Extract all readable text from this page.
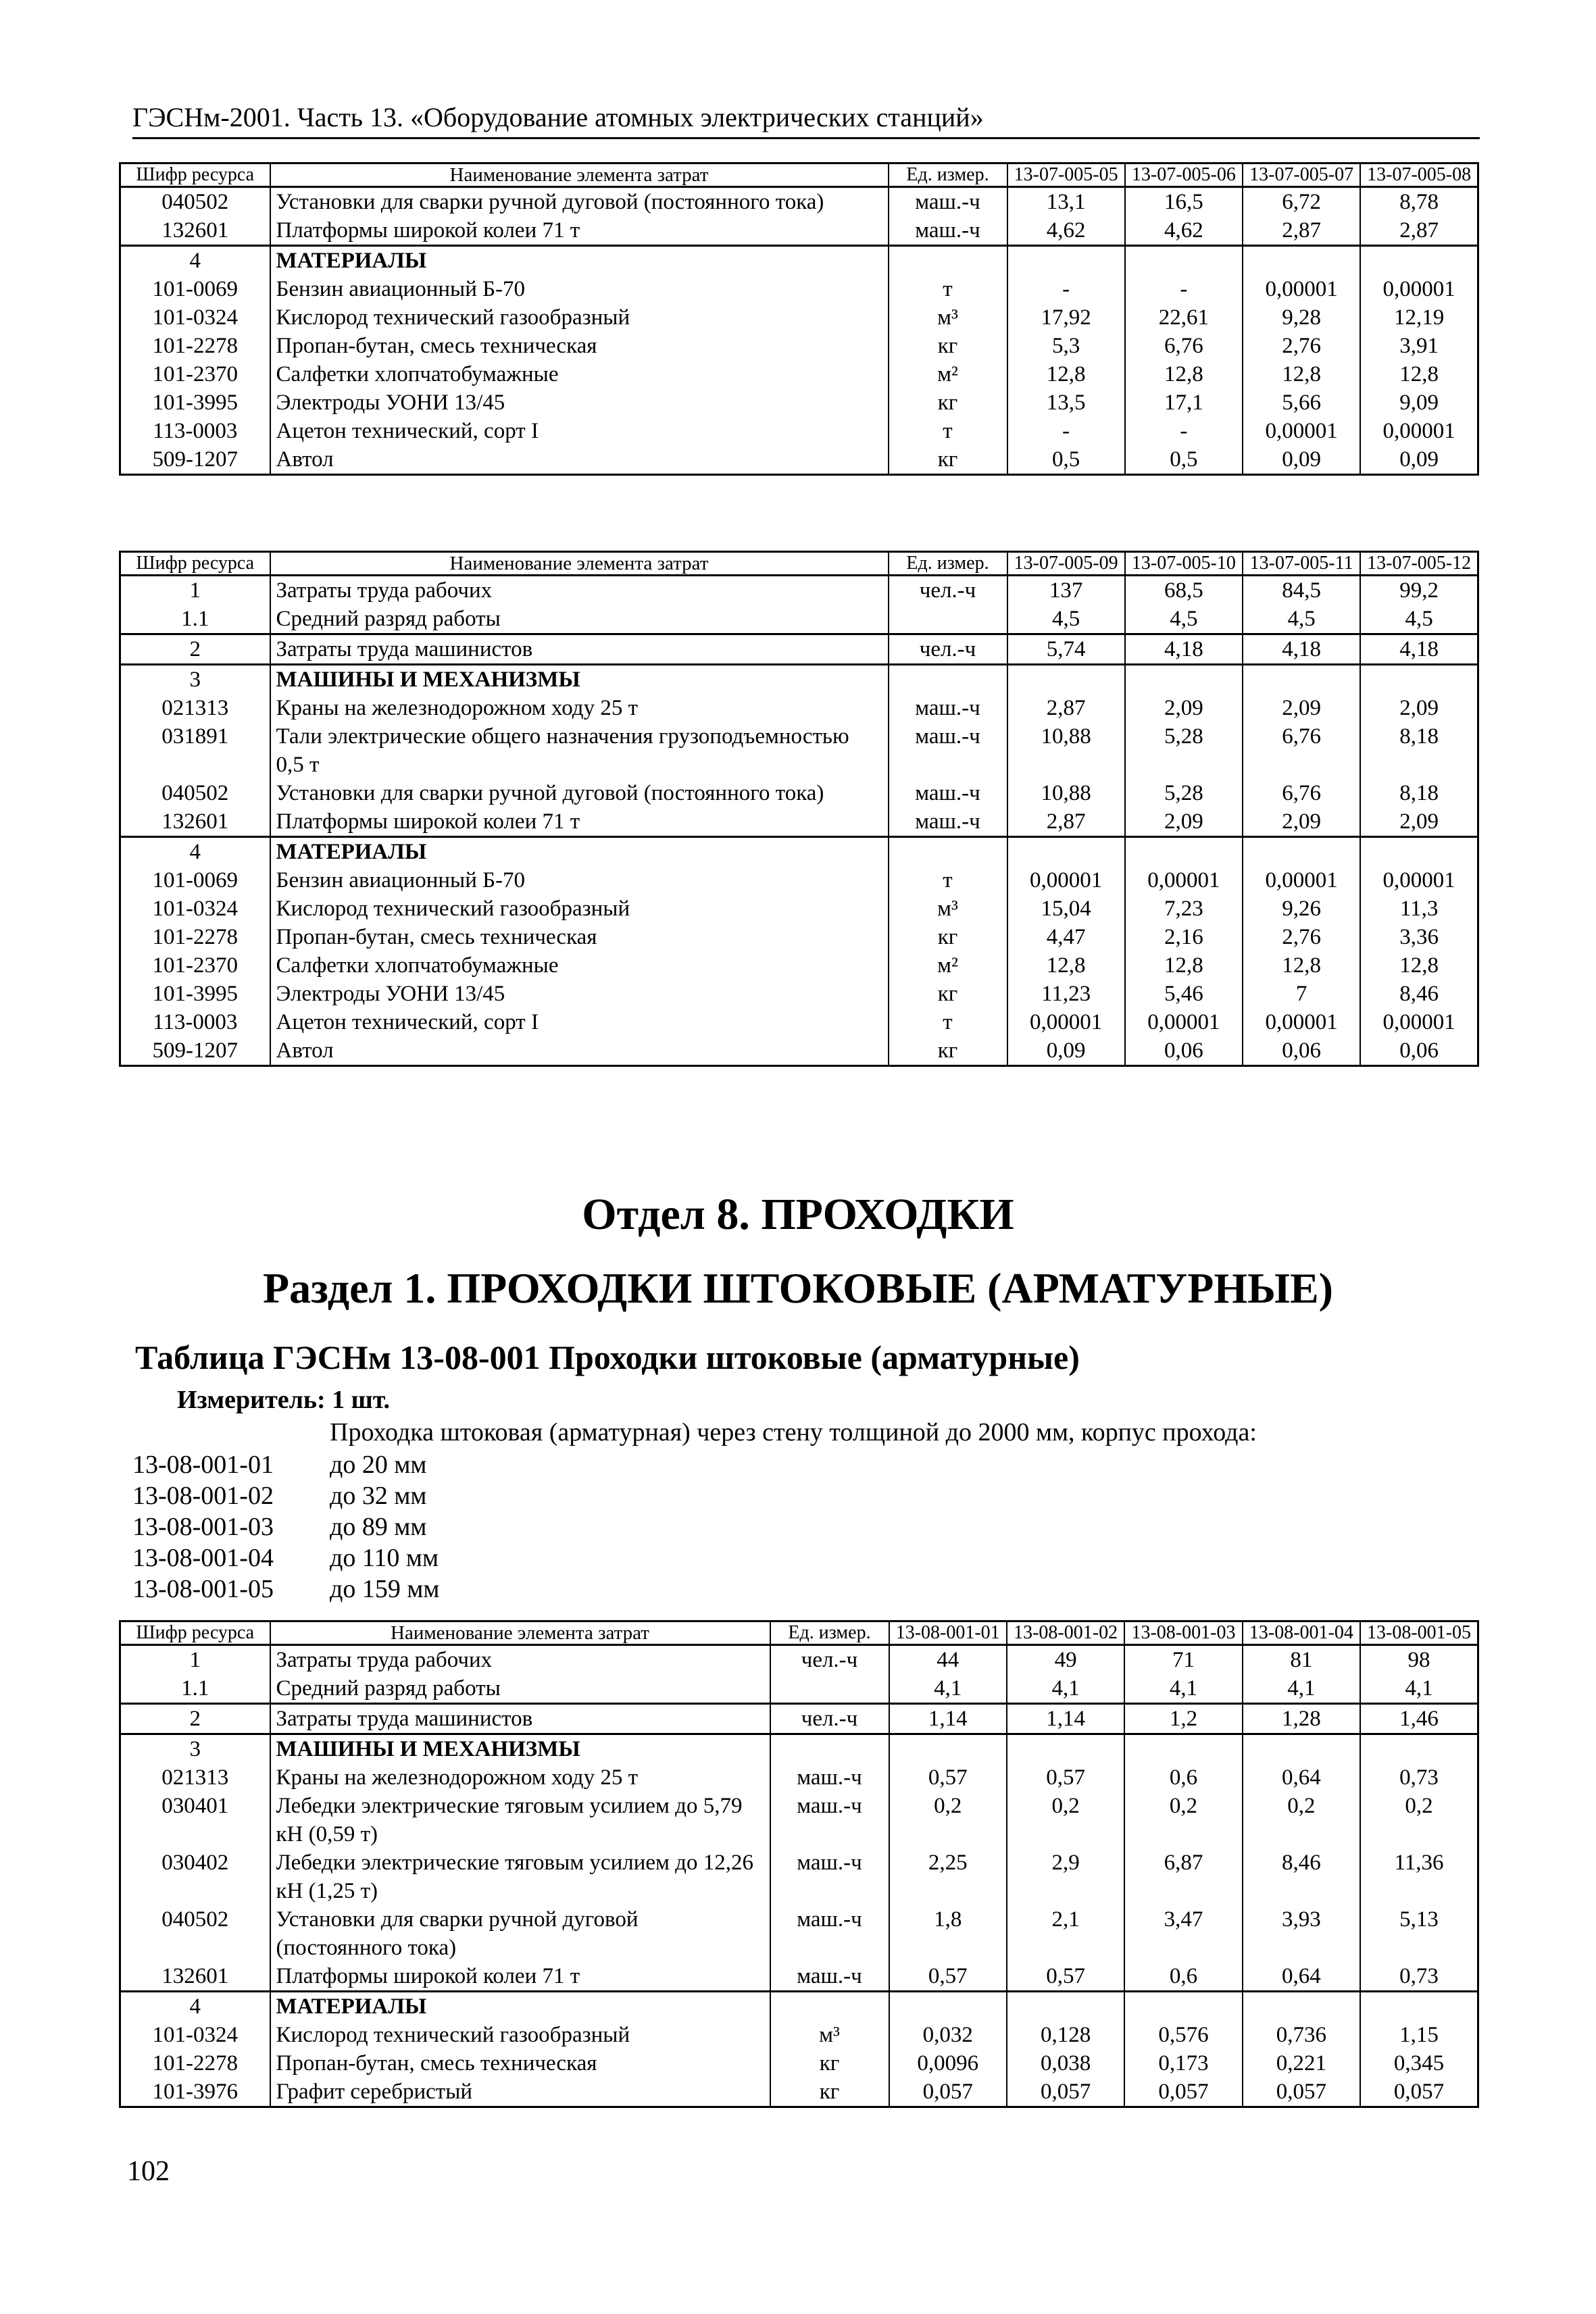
ГЭСНм-2001. Часть 13. «Оборудование атомных электрических станций»
Шифр ресурса	Наименование элемента затрат	Ед. измер.	13-07-005-05	13-07-005-06	13-07-005-07	13-07-005-08
040502	Установки для сварки ручной дуговой (постоянного тока)	маш.-ч	13,1	16,5	6,72	8,78
132601	Платформы широкой колеи 71 т	маш.-ч	4,62	4,62	2,87	2,87
4	МАТЕРИАЛЫ					
101-0069	Бензин авиационный Б-70	т	-	-	0,00001	0,00001
101-0324	Кислород технический газообразный	м³	17,92	22,61	9,28	12,19
101-2278	Пропан-бутан, смесь техническая	кг	5,3	6,76	2,76	3,91
101-2370	Салфетки хлопчатобумажные	м²	12,8	12,8	12,8	12,8
101-3995	Электроды УОНИ 13/45	кг	13,5	17,1	5,66	9,09
113-0003	Ацетон технический, сорт I	т	-	-	0,00001	0,00001
509-1207	Автол	кг	0,5	0,5	0,09	0,09
Шифр ресурса	Наименование элемента затрат	Ед. измер.	13-07-005-09	13-07-005-10	13-07-005-11	13-07-005-12
1	Затраты труда рабочих	чел.-ч	137	68,5	84,5	99,2
1.1	Средний разряд работы		4,5	4,5	4,5	4,5
2	Затраты труда машинистов	чел.-ч	5,74	4,18	4,18	4,18
3	МАШИНЫ И МЕХАНИЗМЫ					
021313	Краны на железнодорожном ходу 25 т	маш.-ч	2,87	2,09	2,09	2,09
031891	Тали электрические общего назначения грузоподъемностью 0,5 т	маш.-ч	10,88	5,28	6,76	8,18
040502	Установки для сварки ручной дуговой (постоянного тока)	маш.-ч	10,88	5,28	6,76	8,18
132601	Платформы широкой колеи 71 т	маш.-ч	2,87	2,09	2,09	2,09
4	МАТЕРИАЛЫ					
101-0069	Бензин авиационный Б-70	т	0,00001	0,00001	0,00001	0,00001
101-0324	Кислород технический газообразный	м³	15,04	7,23	9,26	11,3
101-2278	Пропан-бутан, смесь техническая	кг	4,47	2,16	2,76	3,36
101-2370	Салфетки хлопчатобумажные	м²	12,8	12,8	12,8	12,8
101-3995	Электроды УОНИ 13/45	кг	11,23	5,46	7	8,46
113-0003	Ацетон технический, сорт I	т	0,00001	0,00001	0,00001	0,00001
509-1207	Автол	кг	0,09	0,06	0,06	0,06
Отдел 8. ПРОХОДКИ
Раздел 1. ПРОХОДКИ ШТОКОВЫЕ (АРМАТУРНЫЕ)
Таблица ГЭСНм 13-08-001 Проходки штоковые (арматурные)
Измеритель: 1 шт.
Проходка штоковая (арматурная) через стену толщиной до 2000 мм, корпус прохода:
13-08-001-01	до 20 мм
13-08-001-02	до 32 мм
13-08-001-03	до 89 мм
13-08-001-04	до 110 мм
13-08-001-05	до 159 мм
Шифр ресурса	Наименование элемента затрат	Ед. измер.	13-08-001-01	13-08-001-02	13-08-001-03	13-08-001-04	13-08-001-05
1	Затраты труда рабочих	чел.-ч	44	49	71	81	98
1.1	Средний разряд работы		4,1	4,1	4,1	4,1	4,1
2	Затраты труда машинистов	чел.-ч	1,14	1,14	1,2	1,28	1,46
3	МАШИНЫ И МЕХАНИЗМЫ						
021313	Краны на железнодорожном ходу 25 т	маш.-ч	0,57	0,57	0,6	0,64	0,73
030401	Лебедки электрические тяговым усилием до 5,79 кН (0,59 т)	маш.-ч	0,2	0,2	0,2	0,2	0,2
030402	Лебедки электрические тяговым усилием до 12,26 кН (1,25 т)	маш.-ч	2,25	2,9	6,87	8,46	11,36
040502	Установки для сварки ручной дуговой (постоянного тока)	маш.-ч	1,8	2,1	3,47	3,93	5,13
132601	Платформы широкой колеи 71 т	маш.-ч	0,57	0,57	0,6	0,64	0,73
4	МАТЕРИАЛЫ						
101-0324	Кислород технический газообразный	м³	0,032	0,128	0,576	0,736	1,15
101-2278	Пропан-бутан, смесь техническая	кг	0,0096	0,038	0,173	0,221	0,345
101-3976	Графит серебристый	кг	0,057	0,057	0,057	0,057	0,057
102
